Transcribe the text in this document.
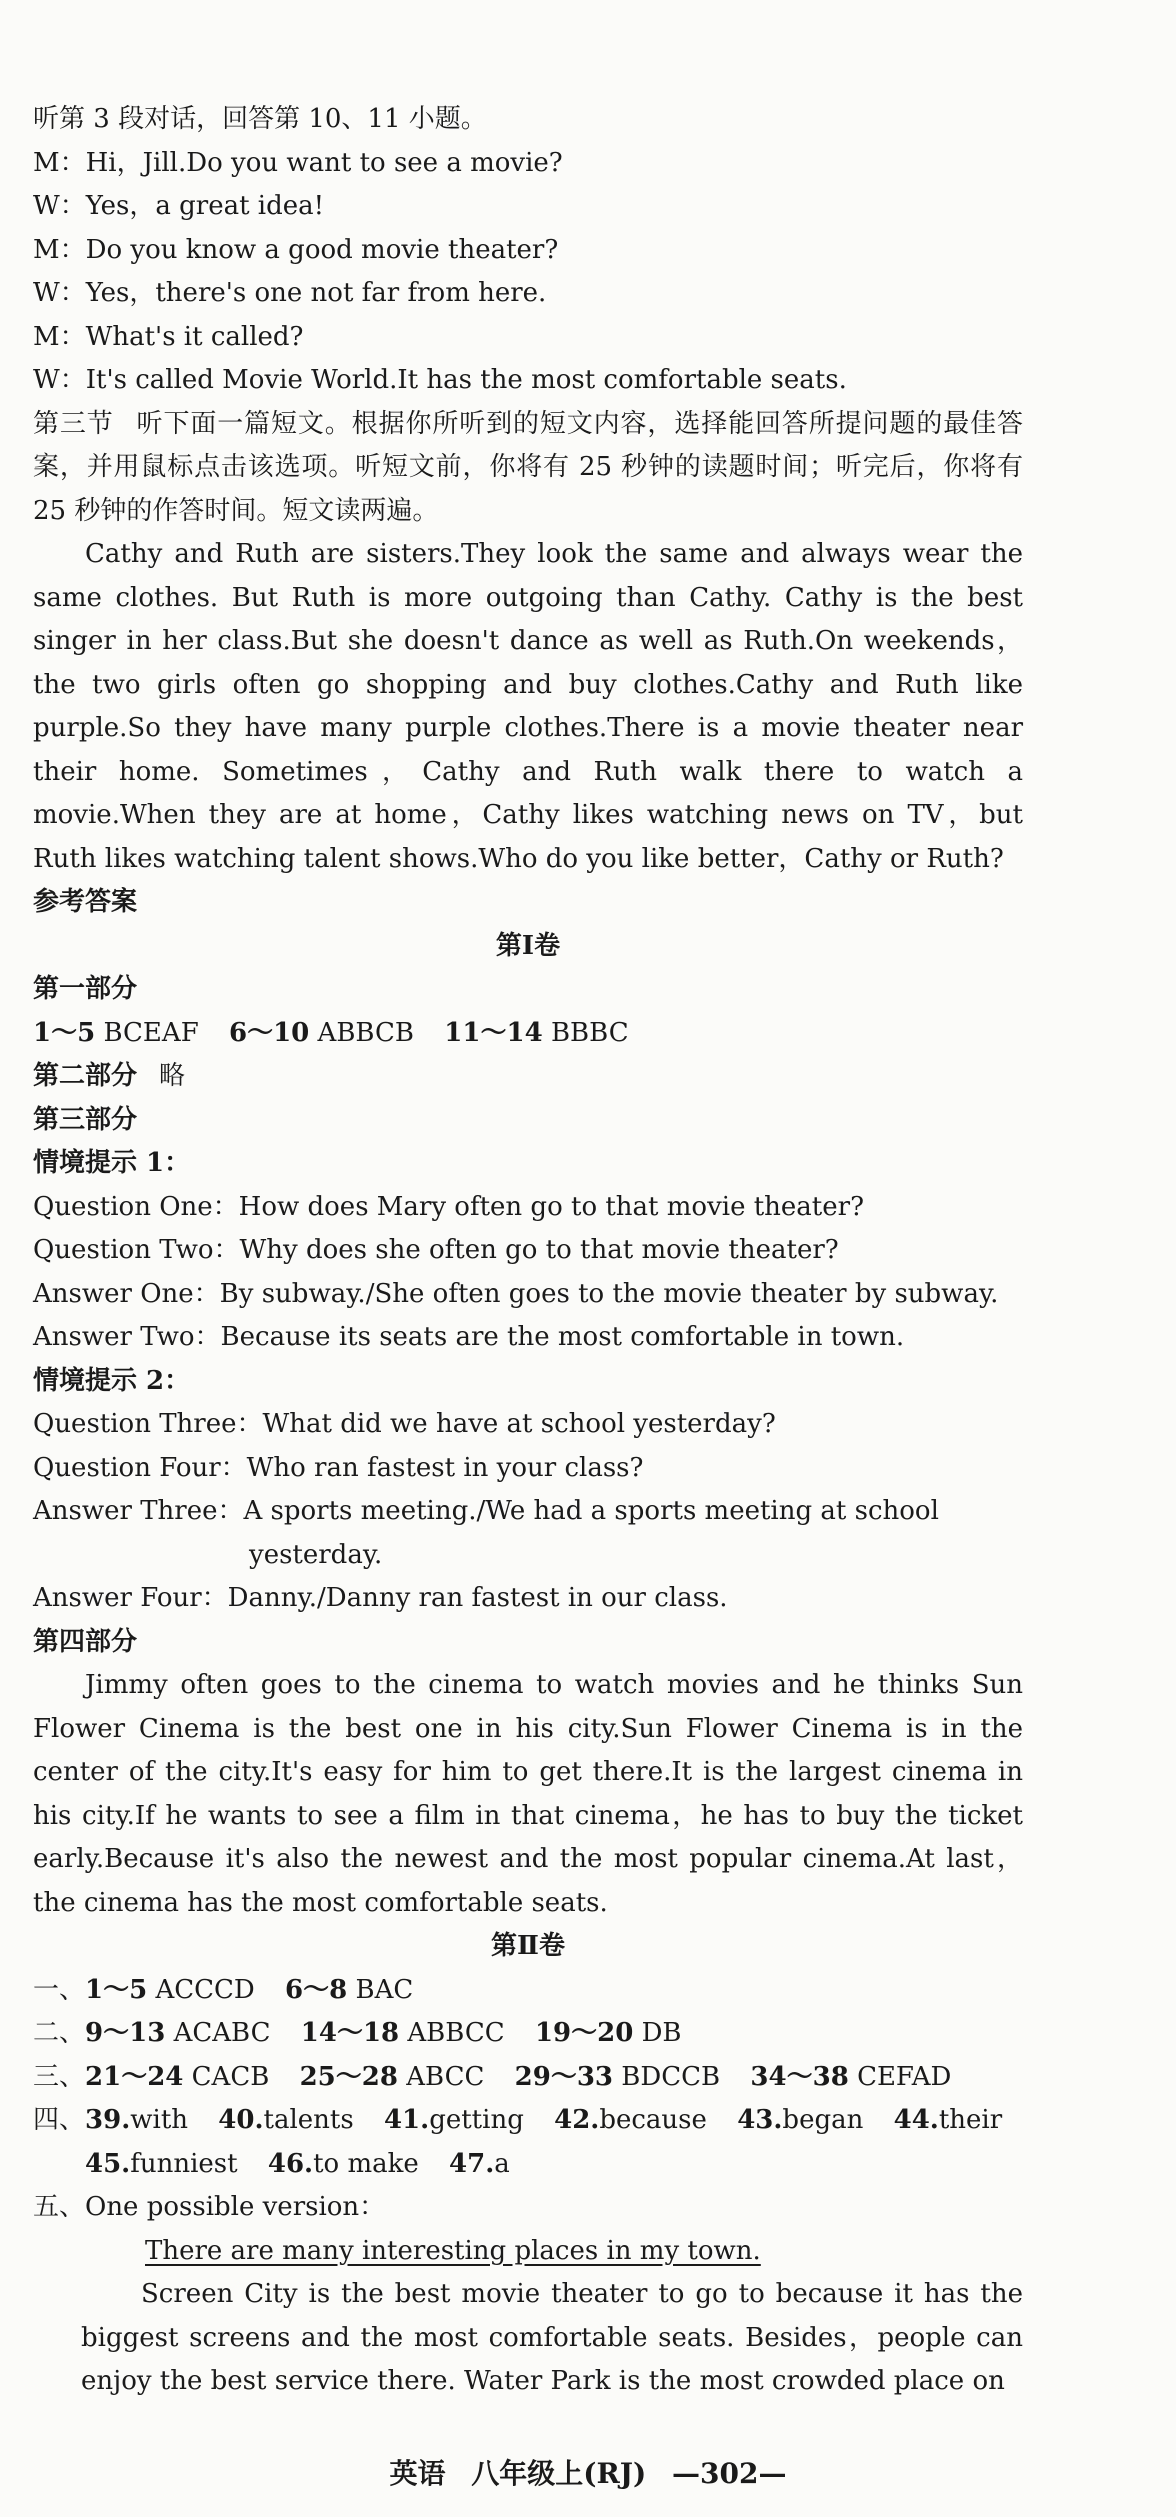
听第 3 段对话，回答第 10、11 小题。
M：Hi，Jill.Do you want to see a movie?
W：Yes，a great idea!
M：Do you know a good movie theater?
W：Yes，there's one not far from here.
M：What's it called?
W：It's called Movie World.It has the most comfortable seats.
第三节 听下面一篇短文。根据你所听到的短文内容，选择能回答所提问题的最佳答案，并用鼠标点击该选项。听短文前，你将有 25 秒钟的读题时间；听完后，你将有 25 秒钟的作答时间。短文读两遍。
Cathy and Ruth are sisters.They look the same and always wear the same clothes. But Ruth is more outgoing than Cathy. Cathy is the best singer in her class.But she doesn't dance as well as Ruth.On weekends，the two girls often go shopping and buy clothes.Cathy and Ruth like purple.So they have many purple clothes.There is a movie theater near their home. Sometimes，Cathy and Ruth walk there to watch a movie.When they are at home，Cathy likes watching news on TV，but Ruth likes watching talent shows.Who do you like better，Cathy or Ruth?
参考答案
第Ⅰ卷
第一部分
1～5 BCEAF 6～10 ABBCB 11～14 BBBC
第二部分 略
第三部分
情境提示 1：
Question One：How does Mary often go to that movie theater?
Question Two：Why does she often go to that movie theater?
Answer One：By subway./She often goes to the movie theater by subway.
Answer Two：Because its seats are the most comfortable in town.
情境提示 2：
Question Three：What did we have at school yesterday?
Question Four：Who ran fastest in your class?
Answer Three：A sports meeting./We had a sports meeting at school
yesterday.
Answer Four：Danny./Danny ran fastest in our class.
第四部分
Jimmy often goes to the cinema to watch movies and he thinks Sun Flower Cinema is the best one in his city.Sun Flower Cinema is in the center of the city.It's easy for him to get there.It is the largest cinema in his city.If he wants to see a film in that cinema，he has to buy the ticket early.Because it's also the newest and the most popular cinema.At last，the cinema has the most comfortable seats.
第Ⅱ卷
一、1～5 ACCCD 6～8 BAC
二、9～13 ACABC 14～18 ABBCC 19～20 DB
三、21～24 CACB 25～28 ABCC 29～33 BDCCB 34～38 CEFAD
四、39.with 40.talents 41.getting 42.because 43.began 44.their
45.funniest 46.to make 47.a
五、One possible version：
There are many interesting places in my town.
Screen City is the best movie theater to go to because it has the biggest screens and the most comfortable seats. Besides，people can enjoy the best service there. Water Park is the most crowded place on
英语 八年级上(RJ) —302—
